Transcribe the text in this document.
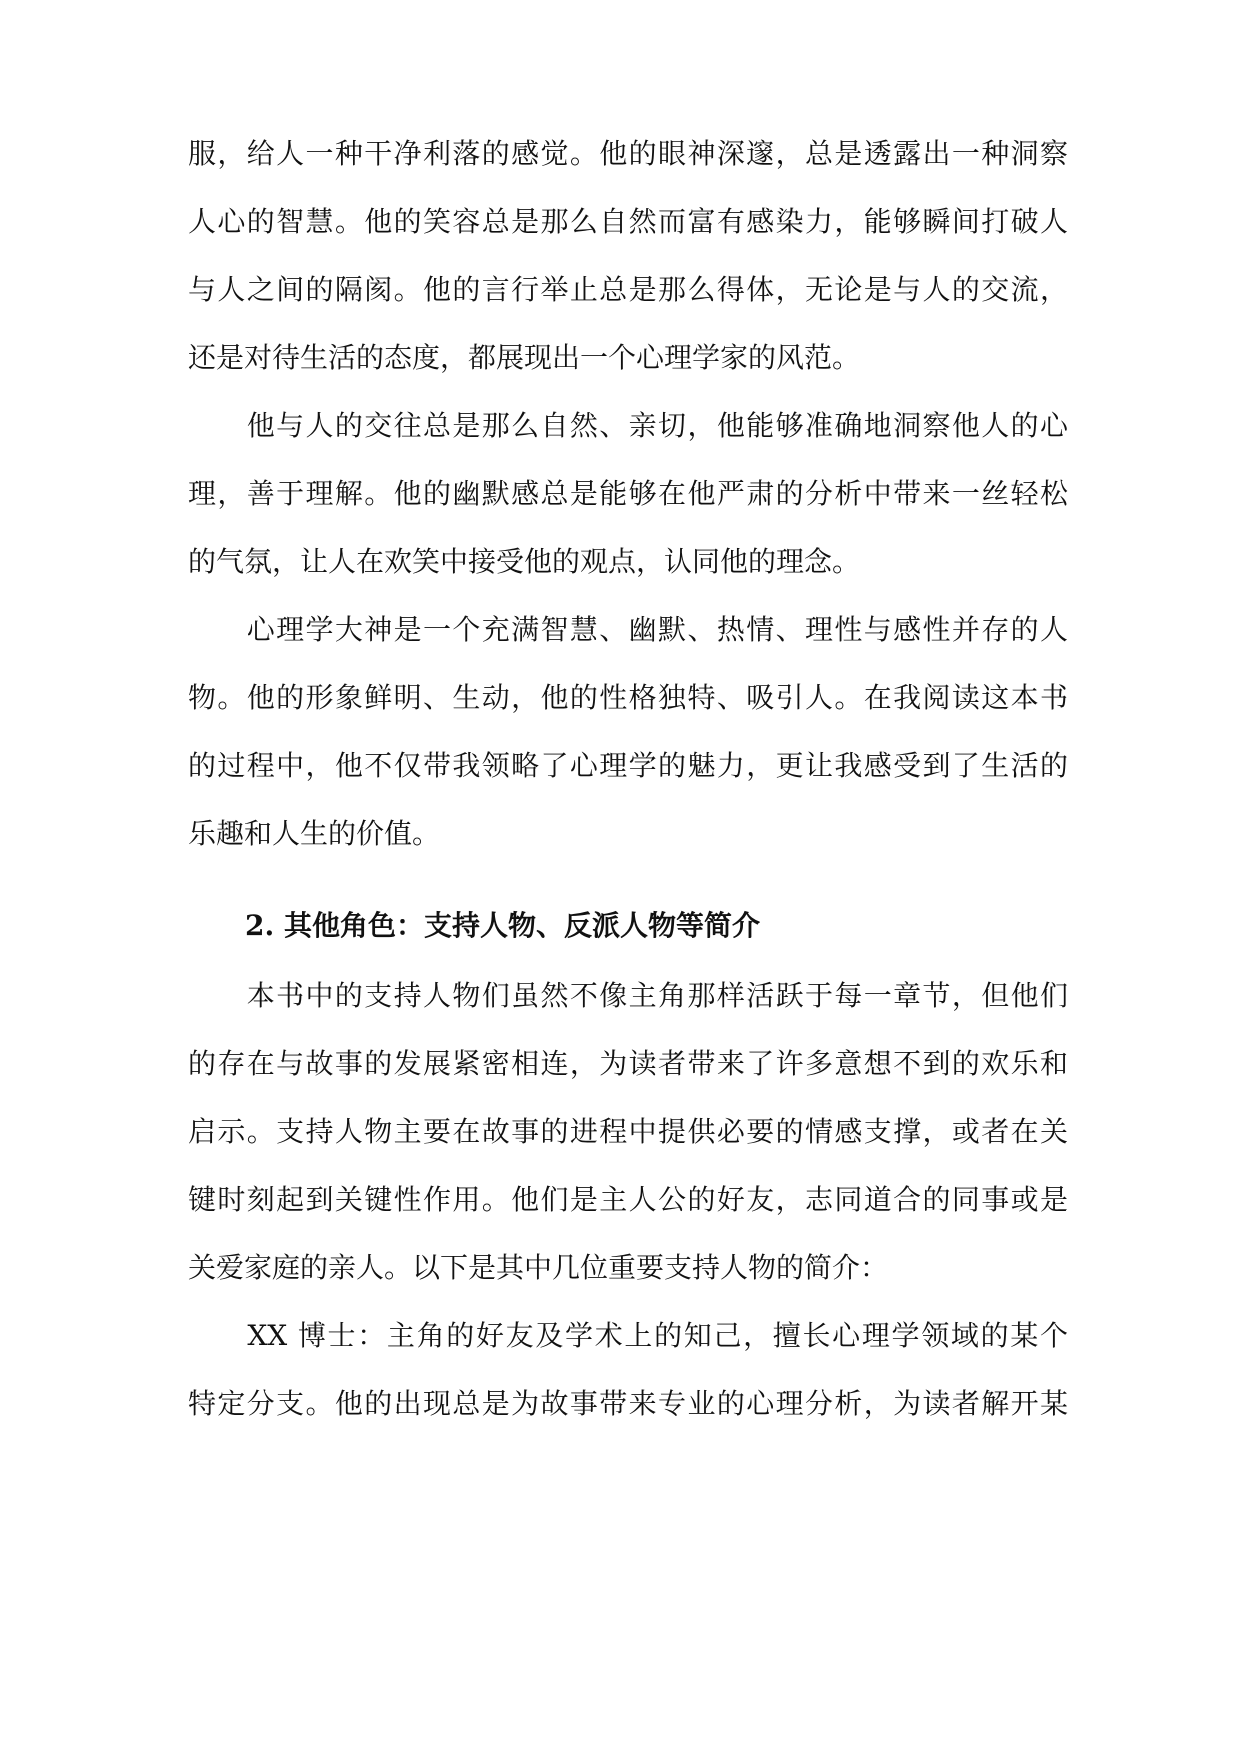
服，给人一种干净利落的感觉。他的眼神深邃，总是透露出一种洞察
人心的智慧。他的笑容总是那么自然而富有感染力，能够瞬间打破人
与人之间的隔阂。他的言行举止总是那么得体，无论是与人的交流，
还是对待生活的态度，都展现出一个心理学家的风范。
　　他与人的交往总是那么自然、亲切，他能够准确地洞察他人的心
理，善于理解。他的幽默感总是能够在他严肃的分析中带来一丝轻松
的气氛，让人在欢笑中接受他的观点，认同他的理念。
　　心理学大神是一个充满智慧、幽默、热情、理性与感性并存的人
物。他的形象鲜明、生动，他的性格独特、吸引人。在我阅读这本书
的过程中，他不仅带我领略了心理学的魅力，更让我感受到了生活的
乐趣和人生的价值。
2. 其他角色：支持人物、反派人物等简介
　　本书中的支持人物们虽然不像主角那样活跃于每一章节，但他们
的存在与故事的发展紧密相连，为读者带来了许多意想不到的欢乐和
启示。支持人物主要在故事的进程中提供必要的情感支撑，或者在关
键时刻起到关键性作用。他们是主人公的好友，志同道合的同事或是
关爱家庭的亲人。以下是其中几位重要支持人物的简介：
　　XX 博士：主角的好友及学术上的知己，擅长心理学领域的某个
特定分支。他的出现总是为故事带来专业的心理分析，为读者解开某
